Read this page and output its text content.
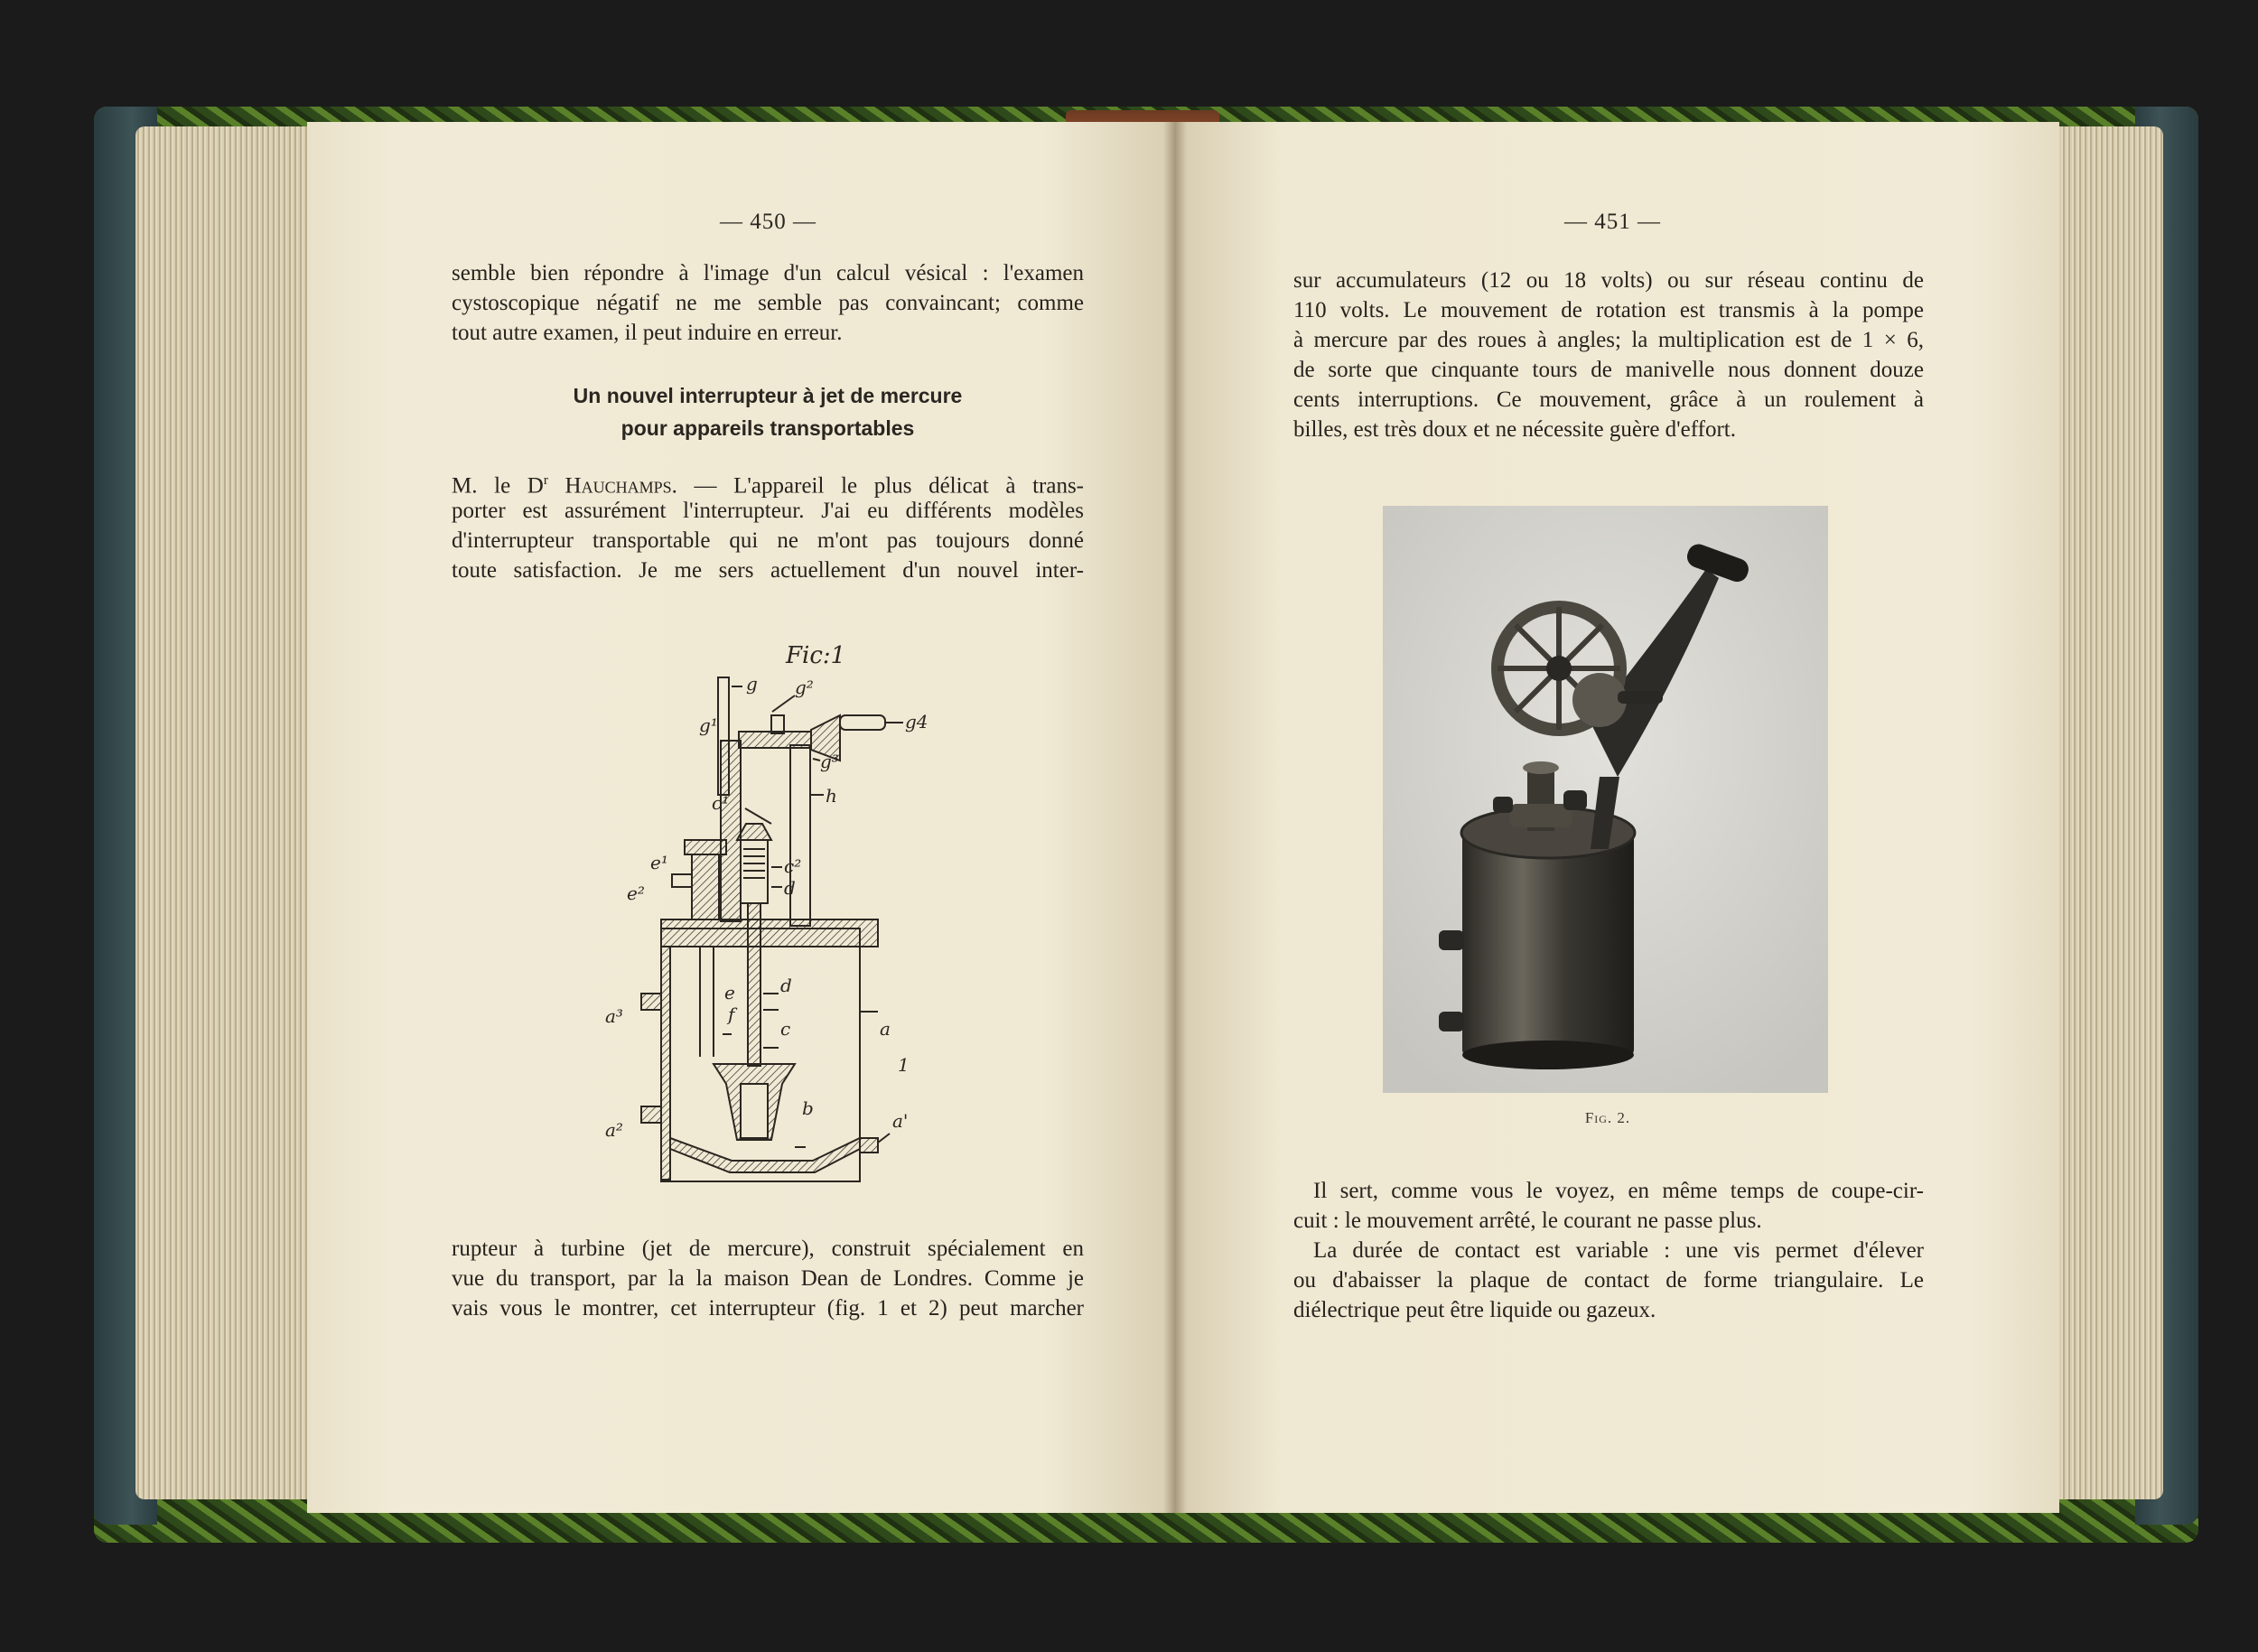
— 450 —
semble bien répondre à l'image d'un calcul vésical : l'examen
cystoscopique négatif ne me semble pas convaincant; comme
tout autre examen, il peut induire en erreur.
Un nouvel interrupteur à jet de mercure
pour appareils transportables
M. le $D^r$ Hauchamps. — L'appareil le plus délicat à trans-
porter est assurément l'interrupteur. J'ai eu différents modèles
d'interrupteur transportable qui ne m'ont pas toujours donné
toute satisfaction. Je me sers actuellement d'un nouvel inter-
Fic:1
g g²
g4
g¹
g³
h
c¹
c²
d
e¹
e²
e	d
f
c	a
1
a³
a²
b
a'
rupteur à turbine (jet de mercure), construit spécialement en
vue du transport, par la la maison Dean de Londres. Comme je
vais vous le montrer, cet interrupteur (fig. 1 et 2) peut marcher
— 451 —
sur accumulateurs (12 ou 18 volts) ou sur réseau continu de
110 volts. Le mouvement de rotation est transmis à la pompe
à mercure par des roues à angles; la multiplication est de 1 × 6,
de sorte que cinquante tours de manivelle nous donnent douze
cents interruptions. Ce mouvement, grâce à un roulement à
billes, est très doux et ne nécessite guère d'effort.
Fig. 2.
Il sert, comme vous le voyez, en même temps de coupe-cir-
cuit : le mouvement arrêté, le courant ne passe plus.
La durée de contact est variable : une vis permet d'élever
ou d'abaisser la plaque de contact de forme triangulaire. Le
diélectrique peut être liquide ou gazeux.
